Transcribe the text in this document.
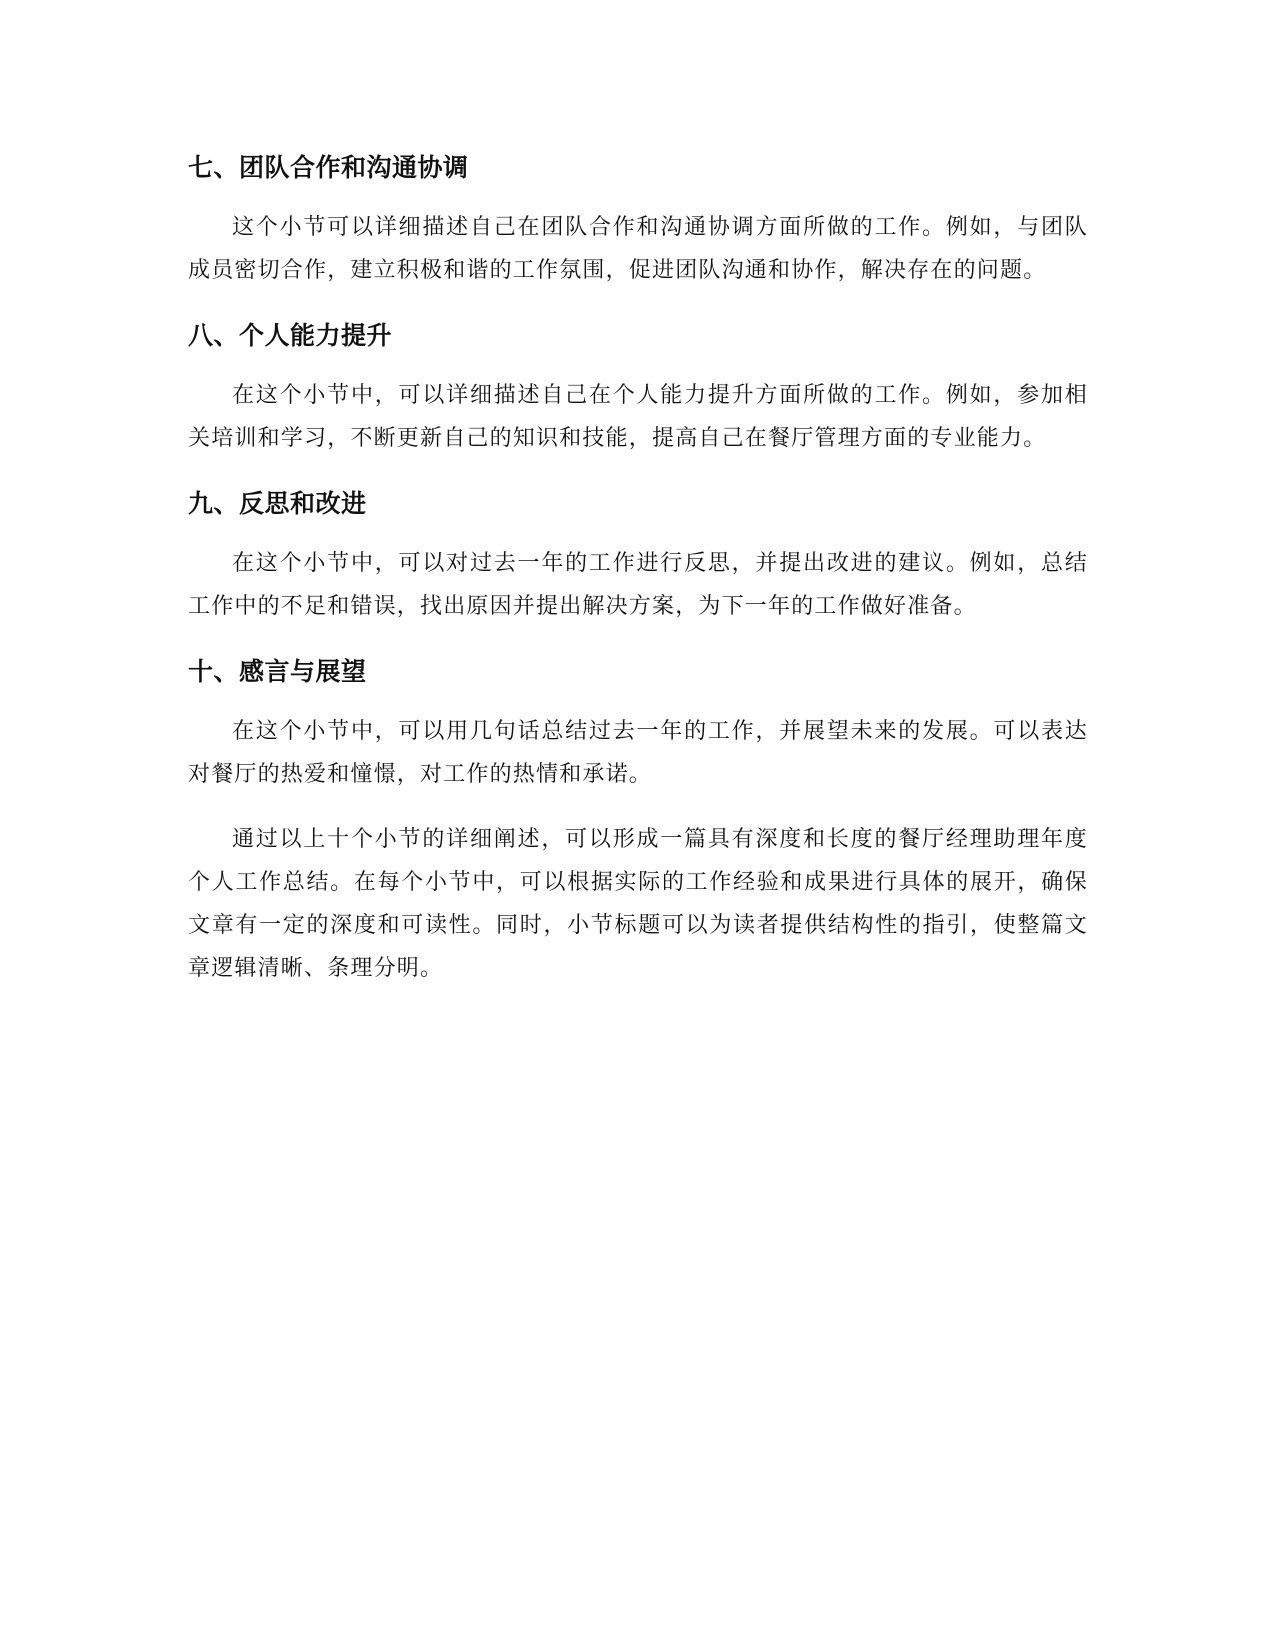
七、团队合作和沟通协调

这个小节可以详细描述自己在团队合作和沟通协调方面所做的工作。例如，与团队成员密切合作，建立积极和谐的工作氛围，促进团队沟通和协作，解决存在的问题。

八、个人能力提升

在这个小节中，可以详细描述自己在个人能力提升方面所做的工作。例如，参加相关培训和学习，不断更新自己的知识和技能，提高自己在餐厅管理方面的专业能力。

九、反思和改进

在这个小节中，可以对过去一年的工作进行反思，并提出改进的建议。例如，总结工作中的不足和错误，找出原因并提出解决方案，为下一年的工作做好准备。

十、感言与展望

在这个小节中，可以用几句话总结过去一年的工作，并展望未来的发展。可以表达对餐厅的热爱和憧憬，对工作的热情和承诺。

通过以上十个小节的详细阐述，可以形成一篇具有深度和长度的餐厅经理助理年度个人工作总结。在每个小节中，可以根据实际的工作经验和成果进行具体的展开，确保文章有一定的深度和可读性。同时，小节标题可以为读者提供结构性的指引，使整篇文章逻辑清晰、条理分明。
